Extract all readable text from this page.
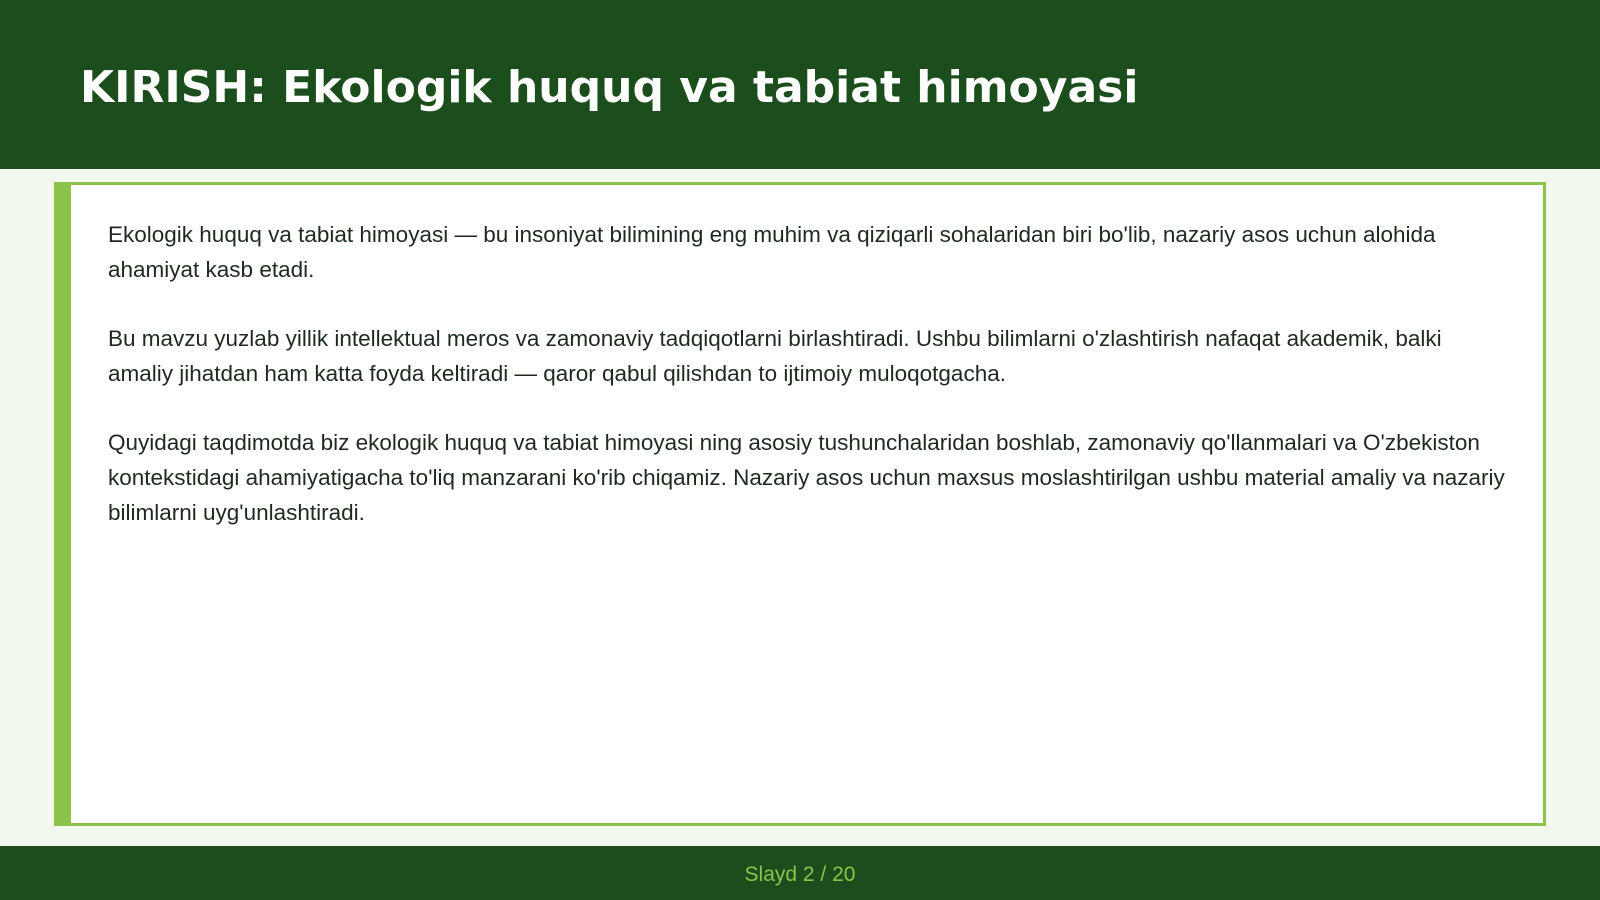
KIRISH: Ekologik huquq va tabiat himoyasi

Ekologik huquq va tabiat himoyasi — bu insoniyat bilimining eng muhim va qiziqarli sohalaridan biri bo'lib, nazariy asos uchun alohida ahamiyat kasb etadi.

Bu mavzu yuzlab yillik intellektual meros va zamonaviy tadqiqotlarni birlashtiradi. Ushbu bilimlarni o'zlashtirish nafaqat akademik, balki amaliy jihatdan ham katta foyda keltiradi — qaror qabul qilishdan to ijtimoiy muloqotgacha.

Quyidagi taqdimotda biz ekologik huquq va tabiat himoyasi ning asosiy tushunchalaridan boshlab, zamonaviy qo'llanmalari va O'zbekiston kontekstidagi ahamiyatigacha to'liq manzarani ko'rib chiqamiz. Nazariy asos uchun maxsus moslashtirilgan ushbu material amaliy va nazariy bilimlarni uyg'unlashtiradi.

Slayd 2 / 20
